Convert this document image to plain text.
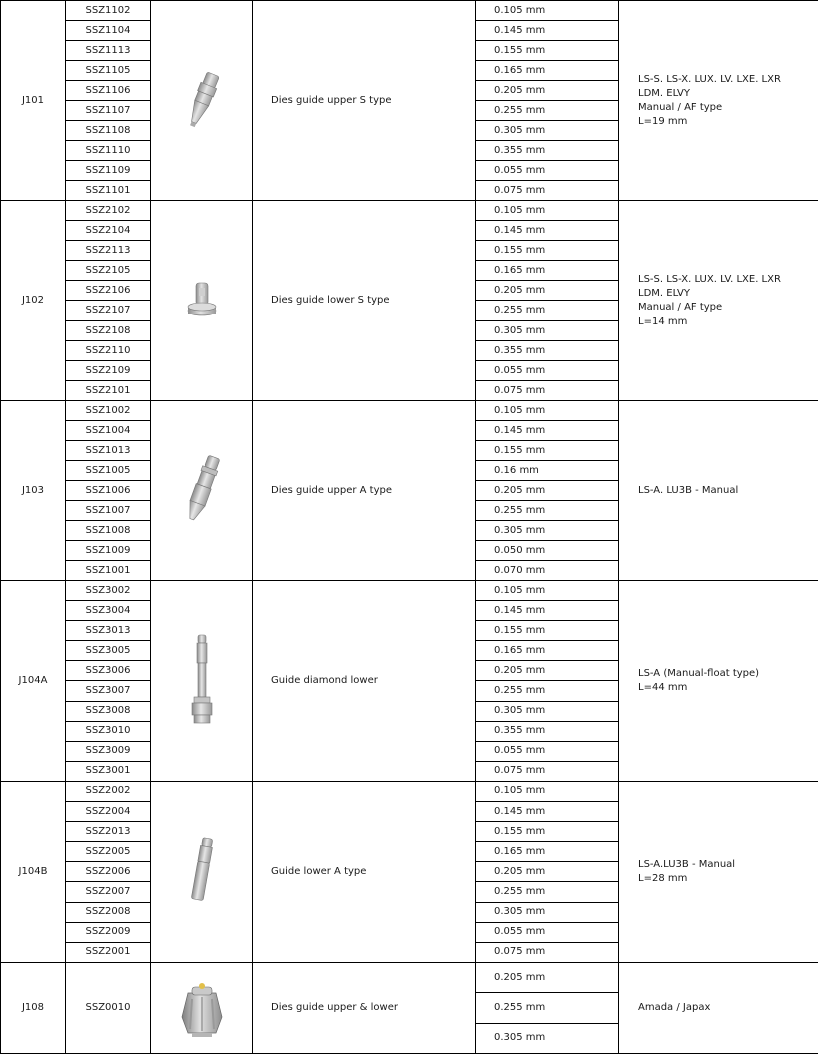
J101	SSZ1102		Dies guide upper S type	0.105 mm	LS-S. LS-X. LUX. LV. LXE. LXR
LDM. ELVY
Manual / AF type
L=19 mm

	SSZ1104			0.145 mm	
	SSZ1113			0.155 mm	
	SSZ1105			0.165 mm	
	SSZ1106			0.205 mm	
	SSZ1107			0.255 mm	
	SSZ1108			0.305 mm	
	SSZ1110			0.355 mm	
	SSZ1109			0.055 mm	
	SSZ1101			0.075 mm	
J102	SSZ2102		Dies guide lower S type	0.105 mm	LS-S. LS-X. LUX. LV. LXE. LXR
LDM. ELVY
Manual / AF type
L=14 mm

	SSZ2104			0.145 mm	
	SSZ2113			0.155 mm	
	SSZ2105			0.165 mm	
	SSZ2106			0.205 mm	
	SSZ2107			0.255 mm	
	SSZ2108			0.305 mm	
	SSZ2110			0.355 mm	
	SSZ2109			0.055 mm	
	SSZ2101			0.075 mm	
J103	SSZ1002		Dies guide upper A type	0.105 mm	LS-A. LU3B - Manual

	SSZ1004			0.145 mm	
	SSZ1013			0.155 mm	
	SSZ1005			0.16 mm	
	SSZ1006			0.205 mm	
	SSZ1007			0.255 mm	
	SSZ1008			0.305 mm	
	SSZ1009			0.050 mm	
	SSZ1001			0.070 mm	
J104A	SSZ3002		Guide diamond lower	0.105 mm	LS-A (Manual-float type)
L=44 mm

	SSZ3004			0.145 mm	
	SSZ3013			0.155 mm	
	SSZ3005			0.165 mm	
	SSZ3006			0.205 mm	
	SSZ3007			0.255 mm	
	SSZ3008			0.305 mm	
	SSZ3010			0.355 mm	
	SSZ3009			0.055 mm	
	SSZ3001			0.075 mm	
J104B	SSZ2002		Guide lower A type	0.105 mm	LS-A.LU3B - Manual
L=28 mm

	SSZ2004			0.145 mm	
	SSZ2013			0.155 mm	
	SSZ2005			0.165 mm	
	SSZ2006			0.205 mm	
	SSZ2007			0.255 mm	
	SSZ2008			0.305 mm	
	SSZ2009			0.055 mm	
	SSZ2001			0.075 mm	
J108	SSZ0010		Dies guide upper & lower	0.205 mm	Amada / Japax

				0.255 mm	
				0.305 mm	
